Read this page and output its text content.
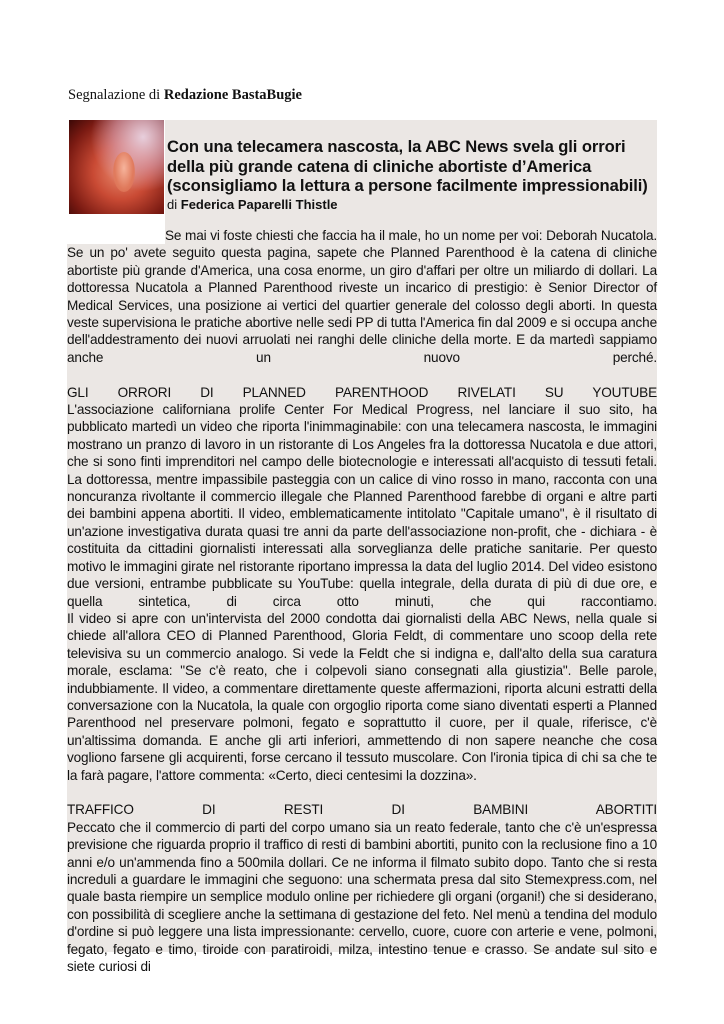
Segnalazione di Redazione BastaBugie
Con una telecamera nascosta, la ABC News svela gli orrori della più grande catena di cliniche abortiste d’America (sconsigliamo la lettura a persone facilmente impressionabili)
di Federica Paparelli Thistle

Se mai vi foste chiesti che faccia ha il male, ho un nome per voi: Deborah Nucatola. Se un po' avete seguito questa pagina, sapete che Planned Parenthood è la catena di cliniche abortiste più grande d'America, una cosa enorme, un giro d'affari per oltre un miliardo di dollari. La dottoressa Nucatola a Planned Parenthood riveste un incarico di prestigio: è Senior Director of Medical Services, una posizione ai vertici del quartier generale del colosso degli aborti. In questa veste supervisiona le pratiche abortive nelle sedi PP di tutta l'America fin dal 2009 e si occupa anche dell'addestramento dei nuovi arruolati nei ranghi delle cliniche della morte. E da martedì sappiamo anche un nuovo perché.

GLI ORRORI DI PLANNED PARENTHOOD RIVELATI SU YOUTUBE

L'associazione californiana prolife Center For Medical Progress, nel lanciare il suo sito, ha pubblicato martedì un video che riporta l'inimmaginabile: con una telecamera nascosta, le immagini mostrano un pranzo di lavoro in un ristorante di Los Angeles fra la dottoressa Nucatola e due attori, che si sono finti imprenditori nel campo delle biotecnologie e interessati all'acquisto di tessuti fetali. La dottoressa, mentre impassibile pasteggia con un calice di vino rosso in mano, racconta con una noncuranza rivoltante il commercio illegale che Planned Parenthood farebbe di organi e altre parti dei bambini appena abortiti. Il video, emblematicamente intitolato "Capitale umano", è il risultato di un'azione investigativa durata quasi tre anni da parte dell'associazione non-profit, che - dichiara - è costituita da cittadini giornalisti interessati alla sorveglianza delle pratiche sanitarie. Per questo motivo le immagini girate nel ristorante riportano impressa la data del luglio 2014. Del video esistono due versioni, entrambe pubblicate su YouTube: quella integrale, della durata di più di due ore, e quella sintetica, di circa otto minuti, che qui raccontiamo.

Il video si apre con un'intervista del 2000 condotta dai giornalisti della ABC News, nella quale si chiede all'allora CEO di Planned Parenthood, Gloria Feldt, di commentare uno scoop della rete televisiva su un commercio analogo. Si vede la Feldt che si indigna e, dall'alto della sua caratura morale, esclama: "Se c'è reato, che i colpevoli siano consegnati alla giustizia". Belle parole, indubbiamente. Il video, a commentare direttamente queste affermazioni, riporta alcuni estratti della conversazione con la Nucatola, la quale con orgoglio riporta come siano diventati esperti a Planned Parenthood nel preservare polmoni, fegato e soprattutto il cuore, per il quale, riferisce, c'è un'altissima domanda. E anche gli arti inferiori, ammettendo di non sapere neanche che cosa vogliono farsene gli acquirenti, forse cercano il tessuto muscolare. Con l'ironia tipica di chi sa che te la farà pagare, l'attore commenta: «Certo, dieci centesimi la dozzina».

TRAFFICO DI RESTI DI BAMBINI ABORTITI

Peccato che il commercio di parti del corpo umano sia un reato federale, tanto che c'è un'espressa previsione che riguarda proprio il traffico di resti di bambini abortiti, punito con la reclusione fino a 10 anni e/o un'ammenda fino a 500mila dollari. Ce ne informa il filmato subito dopo. Tanto che si resta increduli a guardare le immagini che seguono: una schermata presa dal sito Stemexpress.com, nel quale basta riempire un semplice modulo online per richiedere gli organi (organi!) che si desiderano, con possibilità di scegliere anche la settimana di gestazione del feto. Nel menù a tendina del modulo d'ordine si può leggere una lista impressionante: cervello, cuore, cuore con arterie e vene, polmoni, fegato, fegato e timo, tiroide con paratiroidi, milza, intestino tenue e crasso. Se andate sul sito e siete curiosi di
